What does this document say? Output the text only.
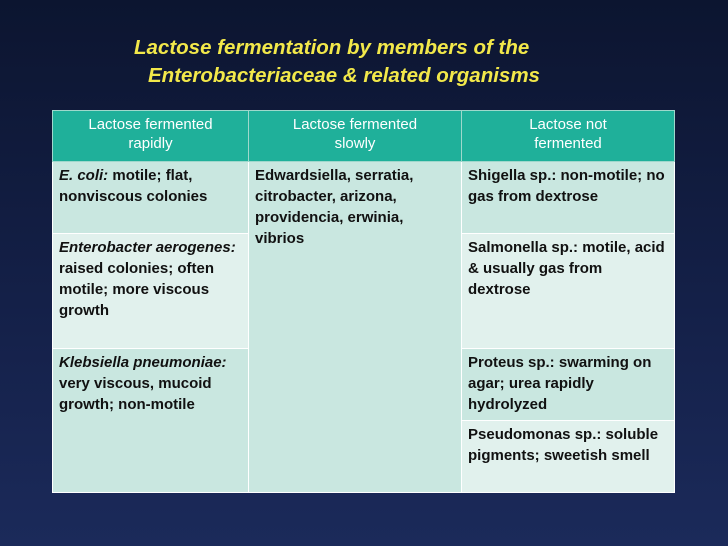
Lactose fermentation by members of the
Enterobacteriaceae & related organisms
Lactose fermented rapidly	Lactose fermented slowly	Lactose not fermented
E. coli: motile; flat, nonviscous colonies	Edwardsiella, serratia, citrobacter, arizona, providencia, erwinia, vibrios	Shigella sp.: non-motile; no gas from dextrose
Enterobacter aerogenes: raised colonies; often motile; more viscous growth		Salmonella sp.: motile, acid & usually gas from dextrose
Klebsiella pneumoniae: very viscous, mucoid growth; non-motile		Proteus sp.: swarming on agar; urea rapidly hydrolyzed
		Pseudomonas sp.: soluble pigments; sweetish smell
